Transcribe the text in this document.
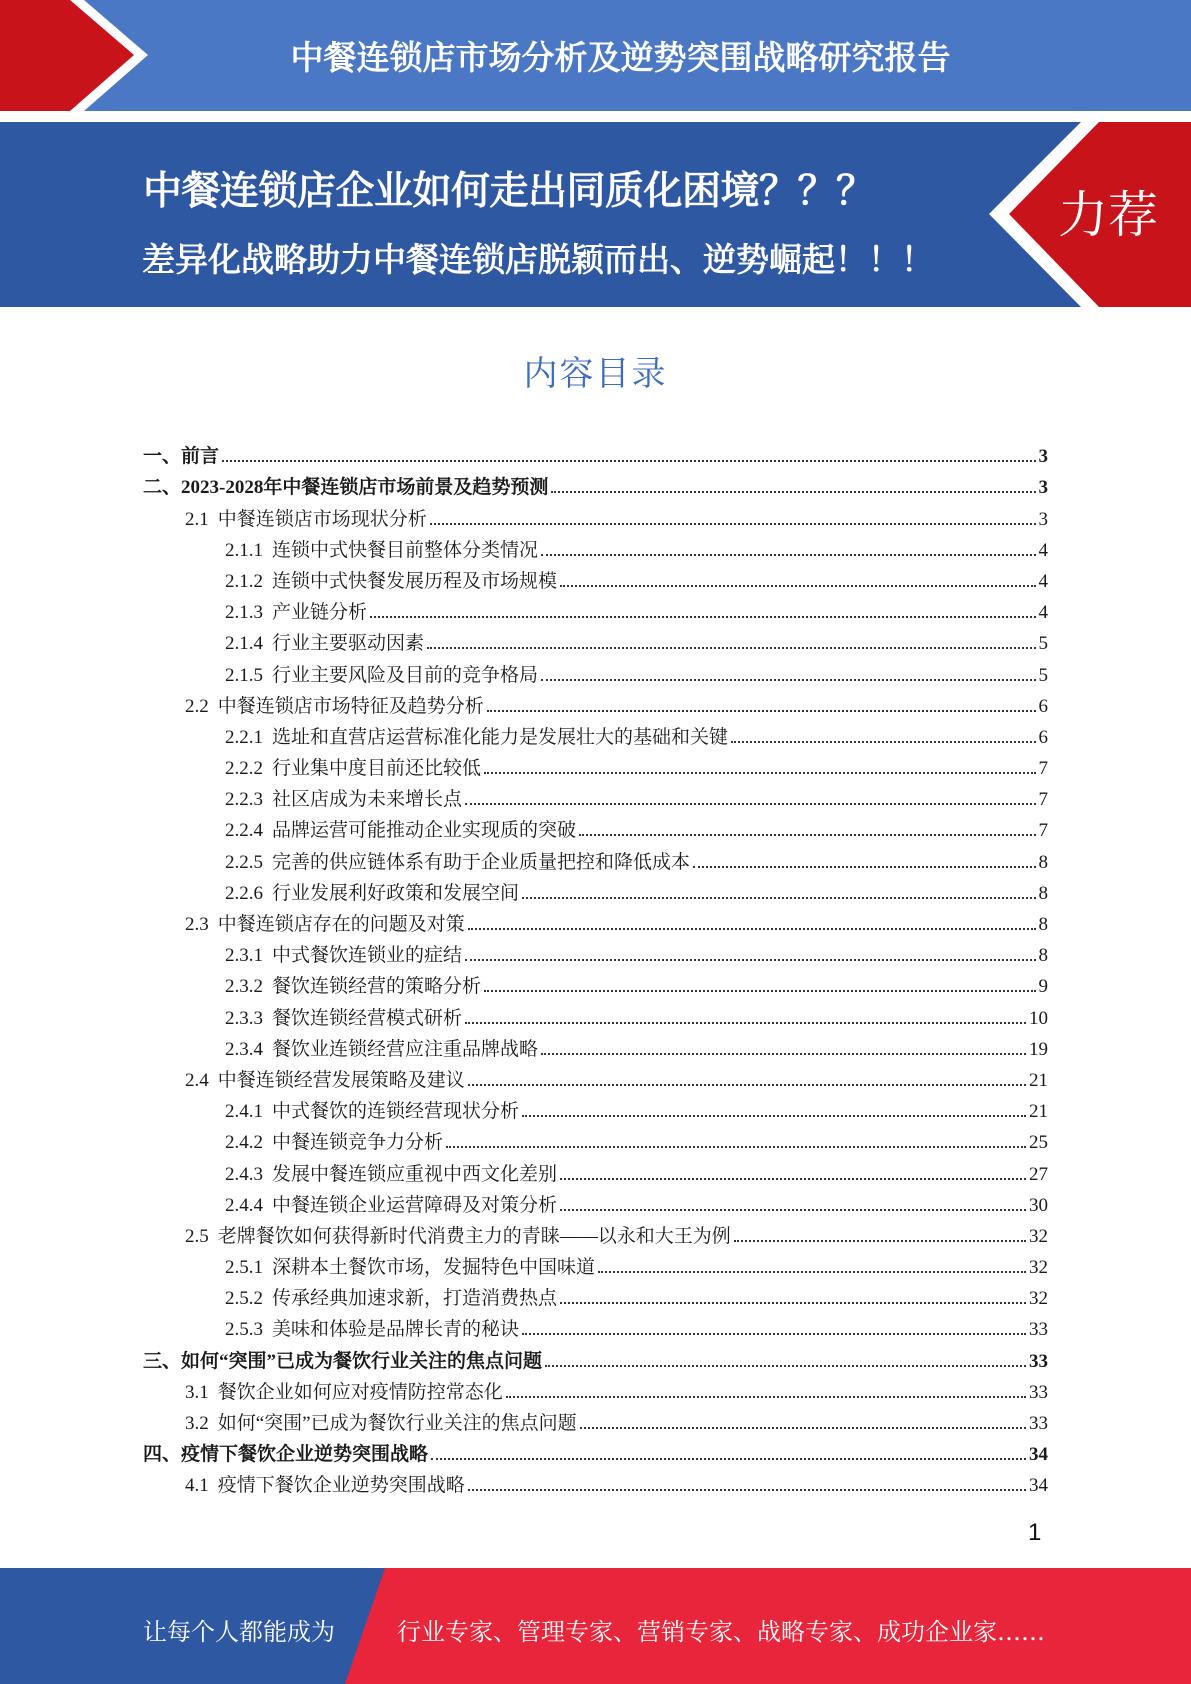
中餐连锁店市场分析及逆势突围战略研究报告
中餐连锁店企业如何走出同质化困境？？？
差异化战略助力中餐连锁店脱颖而出、逆势崛起！！！
力荐
内容目录
一、前言	3
二、2023-2028年中餐连锁店市场前景及趋势预测	3
2.1 中餐连锁店市场现状分析	3
2.1.1 连锁中式快餐目前整体分类情况	4
2.1.2 连锁中式快餐发展历程及市场规模	4
2.1.3 产业链分析	4
2.1.4 行业主要驱动因素	5
2.1.5 行业主要风险及目前的竞争格局	5
2.2 中餐连锁店市场特征及趋势分析	6
2.2.1 选址和直营店运营标准化能力是发展壮大的基础和关键	6
2.2.2 行业集中度目前还比较低	7
2.2.3 社区店成为未来增长点	7
2.2.4 品牌运营可能推动企业实现质的突破	7
2.2.5 完善的供应链体系有助于企业质量把控和降低成本	8
2.2.6 行业发展利好政策和发展空间	8
2.3 中餐连锁店存在的问题及对策	8
2.3.1 中式餐饮连锁业的症结	8
2.3.2 餐饮连锁经营的策略分析	9
2.3.3 餐饮连锁经营模式研析	10
2.3.4 餐饮业连锁经营应注重品牌战略	19
2.4 中餐连锁经营发展策略及建议	21
2.4.1 中式餐饮的连锁经营现状分析	21
2.4.2 中餐连锁竞争力分析	25
2.4.3 发展中餐连锁应重视中西文化差别	27
2.4.4 中餐连锁企业运营障碍及对策分析	30
2.5 老牌餐饮如何获得新时代消费主力的青睐——以永和大王为例	32
2.5.1 深耕本土餐饮市场，发掘特色中国味道	32
2.5.2 传承经典加速求新，打造消费热点	32
2.5.3 美味和体验是品牌长青的秘诀	33
三、如何“突围”已成为餐饮行业关注的焦点问题	33
3.1 餐饮企业如何应对疫情防控常态化	33
3.2 如何“突围”已成为餐饮行业关注的焦点问题	33
四、疫情下餐饮企业逆势突围战略	34
4.1 疫情下餐饮企业逆势突围战略	34
1
让每个人都能成为	行业专家、管理专家、营销专家、战略专家、成功企业家……
